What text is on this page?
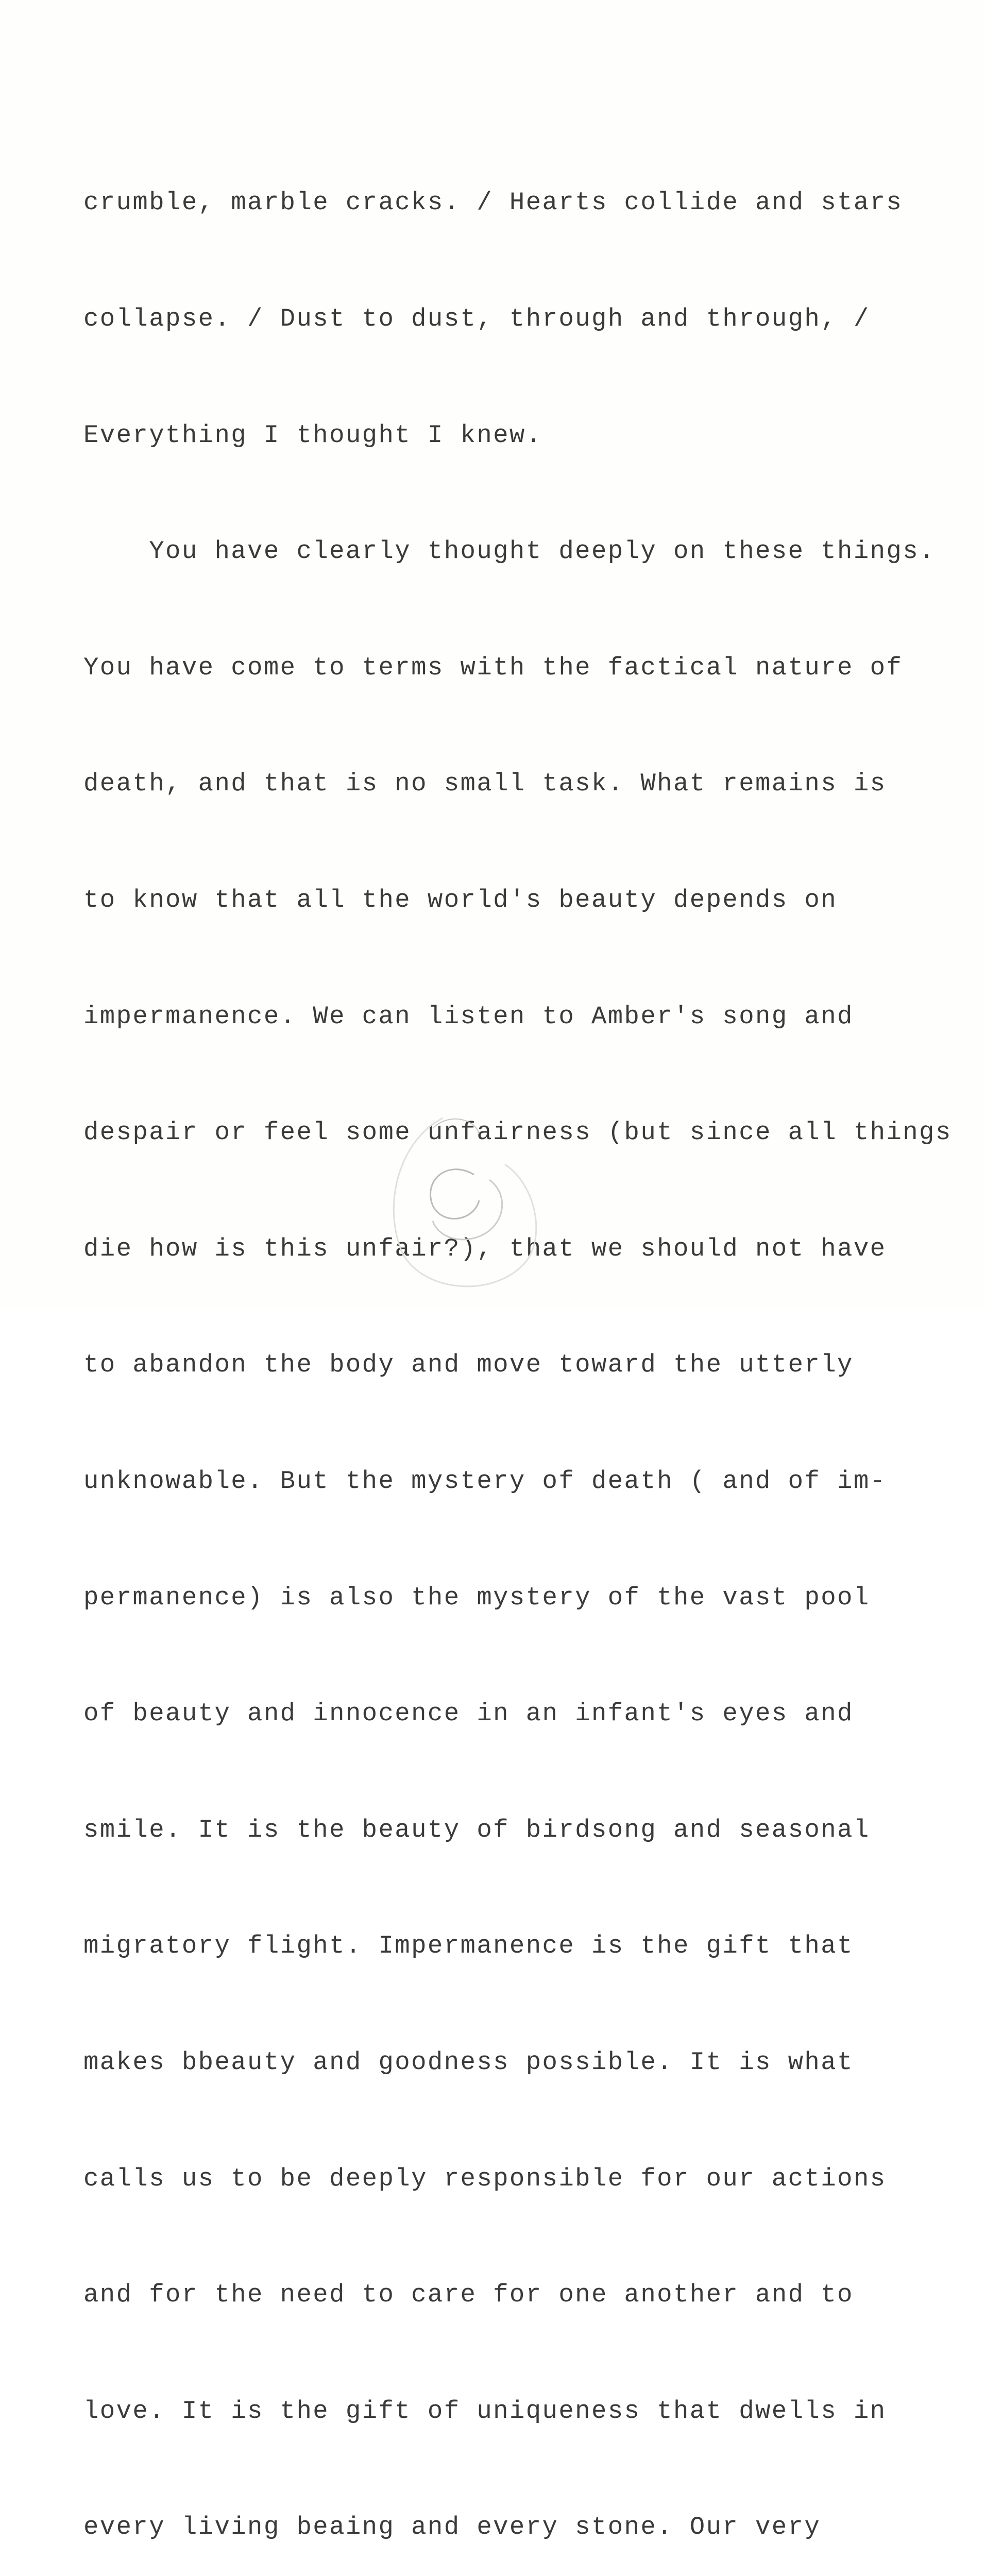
crumble, marble cracks. / Hearts collide and stars

collapse. / Dust to dust, through and through, /

Everything I thought I knew.

You have clearly thought deeply on these things.

You have come to terms with the factical nature of

death, and that is no small task. What remains is

to know that all the world's beauty depends on

impermanence. We can listen to Amber's song and

despair or feel some unfairness (but since all things

die how is this unfair?), that we should not have

to abandon the body and move toward the utterly

unknowable. But the mystery of death ( and of im-

permanence) is also the mystery of the vast pool

of beauty and innocence in an infant's eyes and

smile. It is the beauty of birdsong and seasonal

migratory flight. Impermanence is the gift that

makes bbeauty and goodness possible. It is what

calls us to be deeply responsible for our actions

and for the need to care for one another and to

love. It is the gift of uniqueness that dwells in

every living beaing and every stone. Our very
